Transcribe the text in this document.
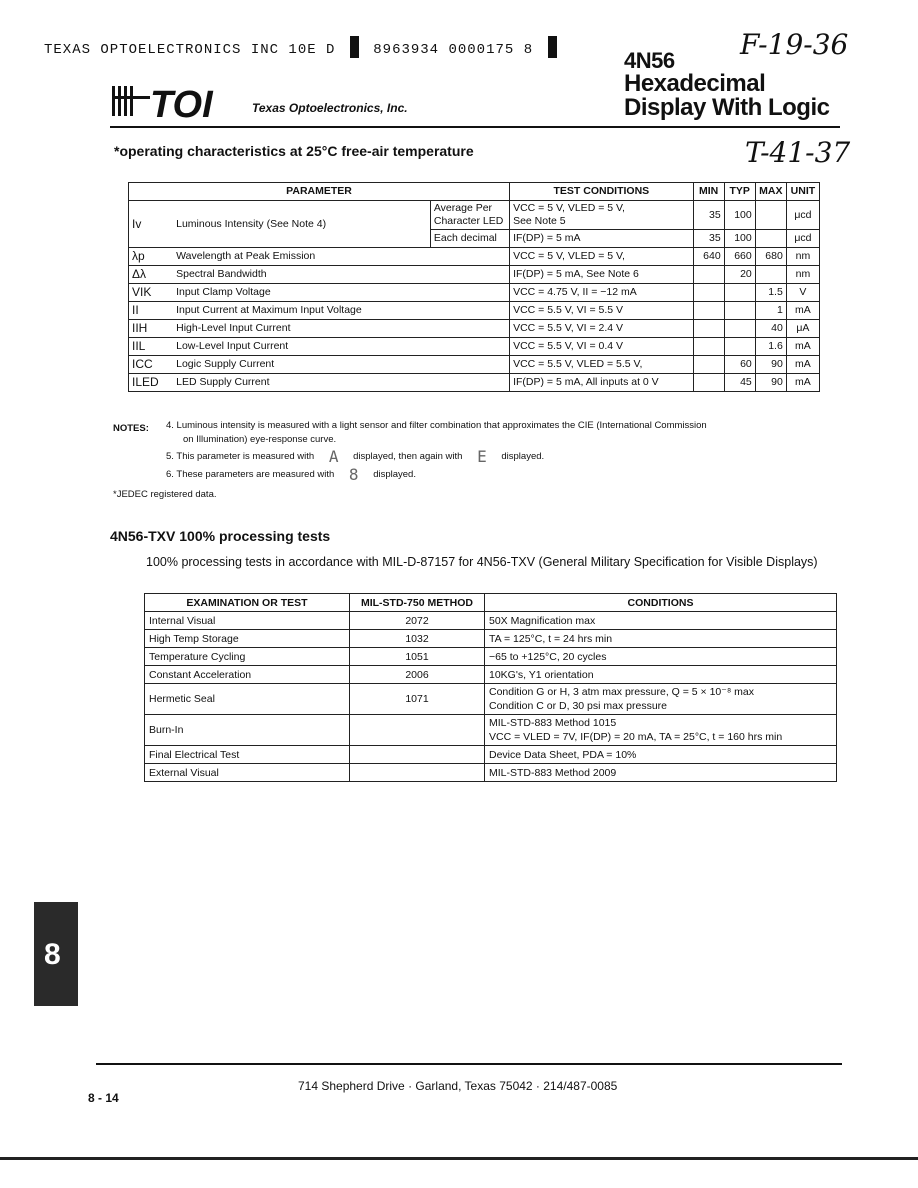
TEXAS OPTOELECTRONICS INC 10E D	8963934 0000175 8	F-19-36
4N56
Hexadecimal
Display With Logic
TOI	Texas Optoelectronics, Inc.
*operating characteristics at 25°C free-air temperature	T-41-37
PARAMETER			TEST CONDITIONS	MIN	TYP	MAX	UNIT
Iv	Luminous Intensity (See Note 4)	Average Per Character LED	VCC = 5 V, VLED = 5 V,
See Note 5	35	100		μcd
		Each decimal	IF(DP) = 5 mA	35	100		μcd
λp	Wavelength at Peak Emission		VCC = 5 V, VLED = 5 V,	640	660	680	nm
Δλ	Spectral Bandwidth		IF(DP) = 5 mA, See Note 6		20		nm
VIK	Input Clamp Voltage		VCC = 4.75 V, II = −12 mA			1.5	V
II	Input Current at Maximum Input Voltage		VCC = 5.5 V, VI = 5.5 V			1	mA
IIH	High-Level Input Current		VCC = 5.5 V, VI = 2.4 V			40	μA
IIL	Low-Level Input Current		VCC = 5.5 V, VI = 0.4 V			1.6	mA
ICC	Logic Supply Current		VCC = 5.5 V, VLED = 5.5 V,		60	90	mA
ILED	LED Supply Current		IF(DP) = 5 mA, All inputs at 0 V		45	90	mA
NOTES: 4. Luminous intensity is measured with a light sensor and filter combination that approximates the CIE (International Commission
on Illumination) eye-response curve.
5. This parameter is measured with A displayed, then again with E displayed.
6. These parameters are measured with 8 displayed.
*JEDEC registered data.
4N56-TXV 100% processing tests
100% processing tests in accordance with MIL-D-87157 for 4N56-TXV (General Military Specification for Visible Displays)
EXAMINATION OR TEST	MIL-STD-750 METHOD	CONDITIONS
Internal Visual	2072	50X Magnification max

High Temp Storage	1032	TA = 125°C, t = 24 hrs min

Temperature Cycling	1051	−65 to +125°C, 20 cycles

Constant Acceleration	2006	10KG's, Y1 orientation

Hermetic Seal	1071	Condition G or H, 3 atm max pressure, Q = 5 × 10⁻⁸ max
Condition C or D, 30 psi max pressure

Burn-In		MIL-STD-883 Method 1015
VCC = VLED = 7V, IF(DP) = 20 mA, TA = 25°C, t = 160 hrs min

Final Electrical Test		Device Data Sheet, PDA = 10%

External Visual		MIL-STD-883 Method 2009
8
8 - 14
714 Shepherd Drive · Garland, Texas 75042 · 214/487-0085
